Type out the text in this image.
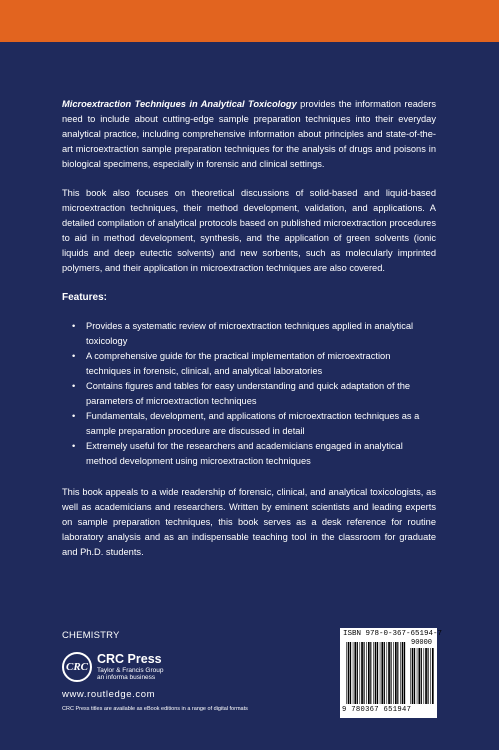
Microextraction Techniques in Analytical Toxicology provides the information readers need to include about cutting-edge sample preparation techniques into their everyday analytical practice, including comprehensive information about principles and state-of-the-art microextraction sample preparation techniques for the analysis of drugs and poisons in biological specimens, especially in forensic and clinical settings.

This book also focuses on theoretical discussions of solid-based and liquid-based microextraction techniques, their method development, validation, and applications. A detailed compilation of analytical protocols based on published microextraction procedures to aid in method development, synthesis, and the application of green solvents (ionic liquids and deep eutectic solvents) and new sorbents, such as molecularly imprinted polymers, and their application in microextraction techniques are also covered.

Features:

• Provides a systematic review of microextraction techniques applied in analytical toxicology
• A comprehensive guide for the practical implementation of microextraction techniques in forensic, clinical, and analytical laboratories
• Contains figures and tables for easy understanding and quick adaptation of the parameters of microextraction techniques
• Fundamentals, development, and applications of microextraction techniques as a sample preparation procedure are discussed in detail
• Extremely useful for the researchers and academicians engaged in analytical method development using microextraction techniques

This book appeals to a wide readership of forensic, clinical, and analytical toxicologists, as well as academicians and researchers. Written by eminent scientists and leading experts on sample preparation techniques, this book serves as a desk reference for routine laboratory analysis and as an indispensable teaching tool in the classroom for graduate and Ph.D. students.

CHEMISTRY
CRC
CRC Press
Taylor & Francis Group
an informa business
www.routledge.com
CRC Press titles are available as eBook editions in a range of digital formats
ISBN 978-0-367-65194-7
90000
9 780367 651947
